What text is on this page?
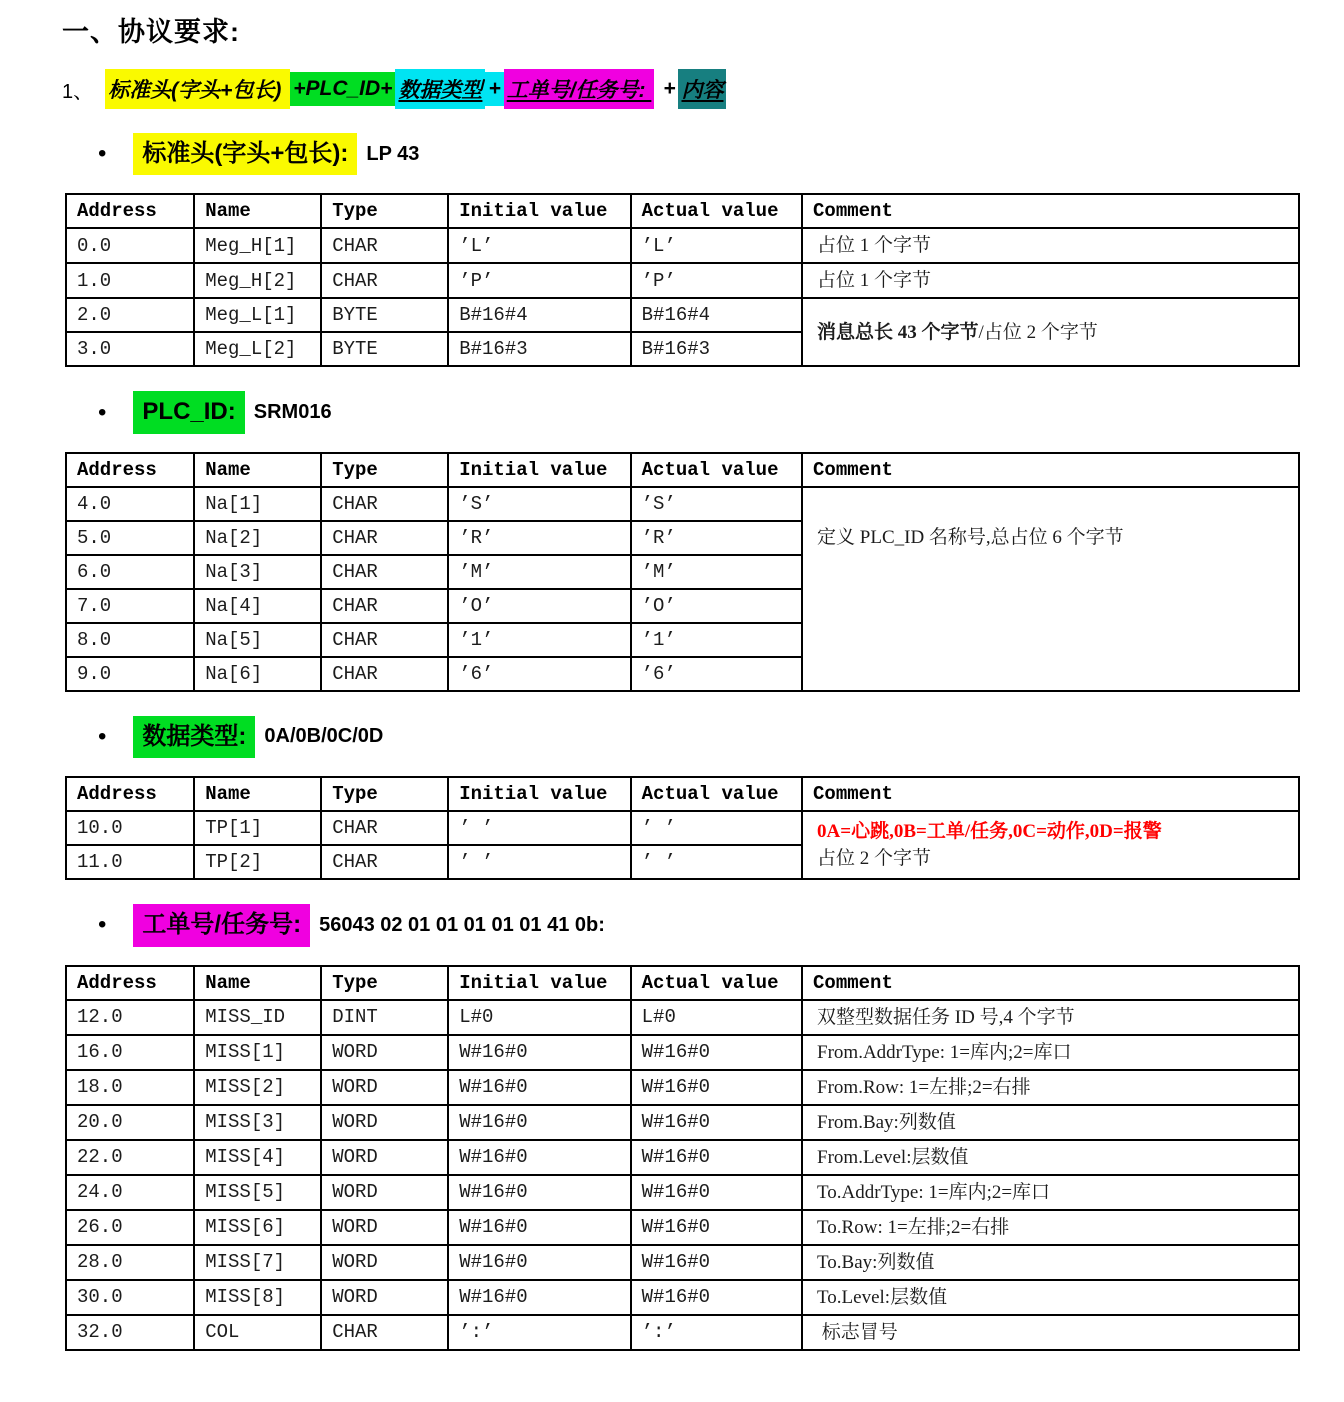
一、协议要求:
1、 标准头(字头+包长) +PLC_ID+ 数据类型 + 工单号/任务号: + 内容
•	标准头(字头+包长): LP 43
Address	Name	Type	Initial value	Actual value	Comment
0.0	Meg_H[1]	CHAR	’L’	’L’	占位 1 个字节

1.0	Meg_H[2]	CHAR	’P’	’P’	占位 1 个字节

2.0	Meg_L[1]	BYTE	B#16#4	B#16#4	消息总长 43 个字节/占位 2 个字节

3.0	Meg_L[2]	BYTE	B#16#3	B#16#3	
•	PLC_ID: SRM016
Address	Name	Type	Initial value	Actual value	Comment
4.0	Na[1]	CHAR	’S’	’S’	定义 PLC_ID 名称号,总占位 6 个字节

5.0	Na[2]	CHAR	’R’	’R’	
6.0	Na[3]	CHAR	’M’	’M’	
7.0	Na[4]	CHAR	’O’	’O’	
8.0	Na[5]	CHAR	’1’	’1’	
9.0	Na[6]	CHAR	’6’	’6’	
•	数据类型: 0A/0B/0C/0D
Address	Name	Type	Initial value	Actual value	Comment
10.0	TP[1]	CHAR	’ ’	’ ’	0A=心跳,0B=工单/任务,0C=动作,0D=报警
占位 2 个字节

11.0	TP[2]	CHAR	’ ’	’ ’	
•	工单号/任务号: 56043 02 01 01 01 01 01 41 0b:
Address	Name	Type	Initial value	Actual value	Comment
12.0	MISS_ID	DINT	L#0	L#0	双整型数据任务 ID 号,4 个字节

16.0	MISS[1]	WORD	W#16#0	W#16#0	From.AddrType: 1=库内;2=库口

18.0	MISS[2]	WORD	W#16#0	W#16#0	From.Row: 1=左排;2=右排

20.0	MISS[3]	WORD	W#16#0	W#16#0	From.Bay:列数值

22.0	MISS[4]	WORD	W#16#0	W#16#0	From.Level:层数值

24.0	MISS[5]	WORD	W#16#0	W#16#0	To.AddrType: 1=库内;2=库口

26.0	MISS[6]	WORD	W#16#0	W#16#0	To.Row: 1=左排;2=右排

28.0	MISS[7]	WORD	W#16#0	W#16#0	To.Bay:列数值

30.0	MISS[8]	WORD	W#16#0	W#16#0	To.Level:层数值

32.0	COL	CHAR	’:’	’:’	标志冒号
